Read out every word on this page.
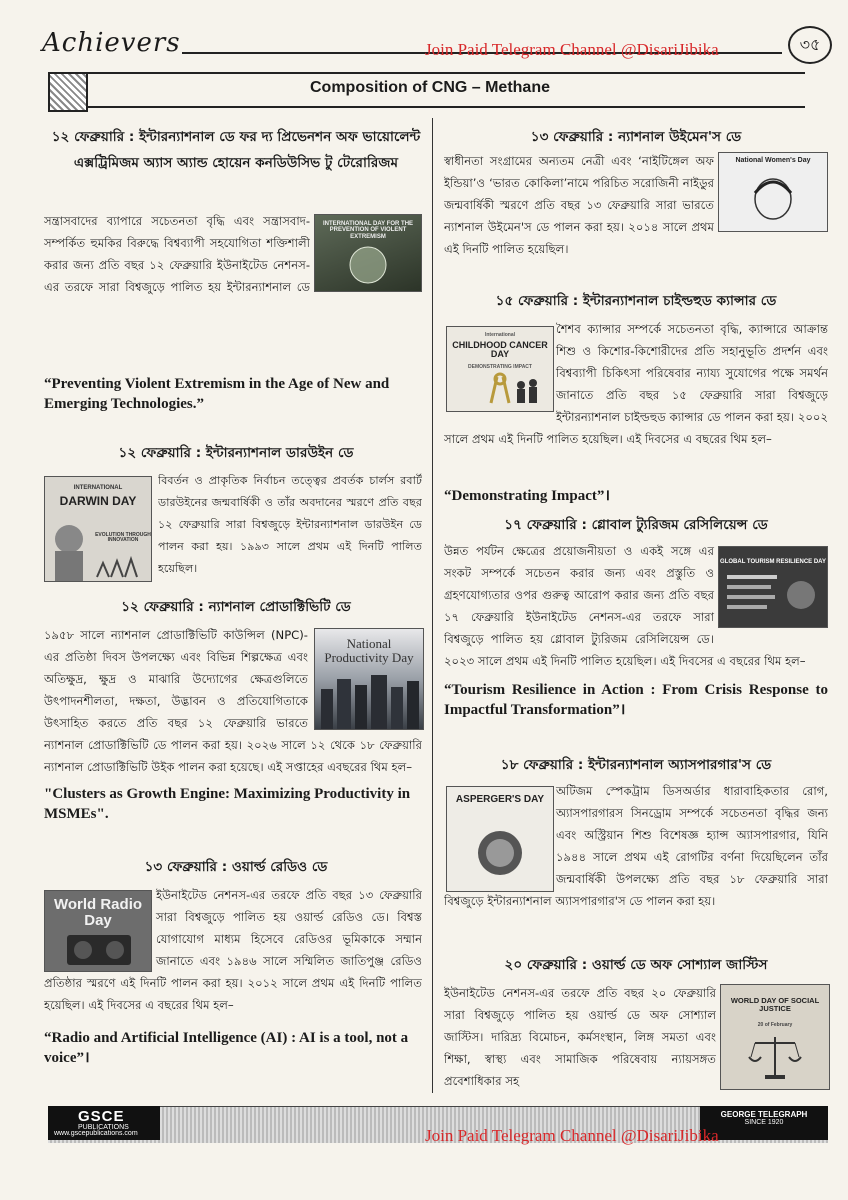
Achievers	Join Paid Telegram Channel @DisariJibika	৩৫
Composition of CNG – Methane
১২ ফেব্রুয়ারি : ইন্টারন্যাশনাল ডে ফর দ্য প্রিভেনশন অফ ভায়োলেন্ট এক্সট্রিমিজম অ্যাস অ্যান্ড হোয়েন কনডিউসিভ টু টেরোরিজম
INTERNATIONAL DAY FOR THE PREVENTION OF VIOLENT EXTREMISM
সন্ত্রাসবাদের ব্যাপারে সচেতনতা বৃদ্ধি এবং সন্ত্রাসবাদ-সম্পর্কিত হুমকির বিরুদ্ধে বিশ্বব্যাপী সহযোগিতা শক্তিশালী করার জন্য প্রতি বছর ১২ ফেব্রুয়ারি ইউনাইটেড নেশনস-এর তরফে সারা বিশ্বজুড়ে পালিত হয় ইন্টারন্যাশনাল ডে
“Preventing Violent Extremism in the Age of New and Emerging Technologies.”
১২ ফেব্রুয়ারি : ইন্টারন্যাশনাল ডারউইন ডে
INTERNATIONAL
DARWIN DAY
EVOLUTION THROUGH INNOVATION
বিবর্তন ও প্রাকৃতিক নির্বাচন তত্ত্বের প্রবর্তক চার্লস রবার্ট ডারউইনের জন্মবার্ষিকী ও তাঁর অবদানের স্মরণে প্রতি বছর ১২ ফেব্রুয়ারি সারা বিশ্বজুড়ে ইন্টারন্যাশনাল ডারউইন ডে পালন করা হয়। ১৯৯৩ সালে প্রথম এই দিনটি পালিত হয়েছিল।
১২ ফেব্রুয়ারি : ন্যাশনাল প্রোডাক্টিভিটি ডে
National Productivity Day
১৯৫৮ সালে ন্যাশনাল প্রোডাক্টিভিটি কাউন্সিল (NPC)-এর প্রতিষ্ঠা দিবস উপলক্ষ্যে এবং বিভিন্ন শিল্পক্ষেত্র এবং অতিক্ষুদ্র, ক্ষুদ্র ও মাঝারি উদ্যোগের ক্ষেত্রগুলিতে উৎপাদনশীলতা, দক্ষতা, উদ্ভাবন ও প্রতিযোগিতাকে উৎসাহিত করতে প্রতি বছর ১২ ফেব্রুয়ারি ভারতে ন্যাশনাল প্রোডাক্টিভিটি ডে পালন করা হয়। ২০২৬ সালে ১২ থেকে ১৮ ফেব্রুয়ারি ন্যাশনাল প্রোডাক্টিভিটি উইক পালন করা হয়েছে। এই সপ্তাহের এবছরের থিম হল–
"Clusters as Growth Engine: Maximizing Productivity in MSMEs".
১৩ ফেব্রুয়ারি : ওয়ার্ল্ড রেডিও ডে
World Radio Day
ইউনাইটেড নেশনস-এর তরফে প্রতি বছর ১৩ ফেব্রুয়ারি সারা বিশ্বজুড়ে পালিত হয় ওয়ার্ল্ড রেডিও ডে। বিশ্বস্ত যোগাযোগ মাধ্যম হিসেবে রেডিওর ভূমিকাকে সম্মান জানাতে এবং ১৯৪৬ সালে সম্মিলিত জাতিপুঞ্জ রেডিও প্রতিষ্ঠার স্মরণে এই দিনটি পালন করা হয়। ২০১২ সালে প্রথম এই দিনটি পালিত হয়েছিল। এই দিবসের এ বছরের থিম হল–
“Radio and Artificial Intelligence (AI) : AI is a tool, not a voice”।
১৩ ফেব্রুয়ারি : ন্যাশনাল উইমেন'স ডে
National Women's Day
স্বাধীনতা সংগ্রামের অন্যতম নেত্রী এবং ‘নাইটিঙ্গেল অফ ইন্ডিয়া’ও ‘ভারত কোকিলা’নামে পরিচিত সরোজিনী নাইডুর জন্মবার্ষিকী স্মরণে প্রতি বছর ১৩ ফেব্রুয়ারি সারা ভারতে ন্যাশনাল উইমেন'স ডে পালন করা হয়। ২০১৪ সালে প্রথম এই দিনটি পালিত হয়েছিল।
১৫ ফেব্রুয়ারি : ইন্টারন্যাশনাল চাইল্ডহুড ক্যান্সার ডে
International
CHILDHOOD CANCER DAY
DEMONSTRATING IMPACT
শৈশব ক্যান্সার সম্পর্কে সচেতনতা বৃদ্ধি, ক্যান্সারে আক্রান্ত শিশু ও কিশোর-কিশোরীদের প্রতি সহানুভূতি প্রদর্শন এবং বিশ্বব্যাপী চিকিৎসা পরিষেবার ন্যায্য সুযোগের পক্ষে সমর্থন জানাতে প্রতি বছর ১৫ ফেব্রুয়ারি সারা বিশ্বজুড়ে ইন্টারন্যাশনাল চাইল্ডহুড ক্যান্সার ডে পালন করা হয়। ২০০২ সালে প্রথম এই দিনটি পালিত হয়েছিল। এই দিবসের এ বছরের থিম হল–
“Demonstrating Impact”।
১৭ ফেব্রুয়ারি : গ্লোবাল ট্যুরিজম রেসিলিয়েন্স ডে
GLOBAL TOURISM RESILIENCE DAY
উন্নত পর্যটন ক্ষেত্রের প্রয়োজনীয়তা ও একই সঙ্গে এর সংকট সম্পর্কে সচেতন করার জন্য এবং প্রস্তুতি ও গ্রহণযোগ্যতার ওপর গুরুত্ব আরোপ করার জন্য প্রতি বছর ১৭ ফেব্রুয়ারি ইউনাইটেড নেশনস-এর তরফে সারা বিশ্বজুড়ে পালিত হয় গ্লোবাল ট্যুরিজম রেসিলিয়েন্স ডে। ২০২৩ সালে প্রথম এই দিনটি পালিত হয়েছিল। এই দিবসের এ বছরের থিম হল–
“Tourism Resilience in Action : From Crisis Response to Impactful Transformation”।
১৮ ফেব্রুয়ারি : ইন্টারন্যাশনাল অ্যাসপারগার'স ডে
ASPERGER'S DAY
অটিজম স্পেকট্রাম ডিসঅর্ডার ধারাবাহিকতার রোগ, অ্যাসপারগারস সিনড্রোম সম্পর্কে সচেতনতা বৃদ্ধির জন্য এবং অস্ট্রিয়ান শিশু বিশেষজ্ঞ হ্যান্স অ্যাসপারগার, যিনি ১৯৪৪ সালে প্রথম এই রোগটির বর্ণনা দিয়েছিলেন তাঁর জন্মবার্ষিকী উপলক্ষ্যে প্রতি বছর ১৮ ফেব্রুয়ারি সারা বিশ্বজুড়ে ইন্টারন্যাশনাল অ্যাসপারগার'স ডে পালন করা হয়।
২০ ফেব্রুয়ারি : ওয়ার্ল্ড ডে অফ সোশ্যাল জাস্টিস
WORLD DAY OF SOCIAL JUSTICE
20 of February
ইউনাইটেড নেশনস-এর তরফে প্রতি বছর ২০ ফেব্রুয়ারি সারা বিশ্বজুড়ে পালিত হয় ওয়ার্ল্ড ডে অফ সোশ্যাল জাস্টিস। দারিদ্র্য বিমোচন, কর্মসংস্থান, লিঙ্গ সমতা এবং শিক্ষা, স্বাস্থ্য এবং সামাজিক পরিষেবায় ন্যায়সঙ্গত প্রবেশাধিকার সহ
GSCE
PUBLICATIONS
www.gscepublications.com
GEORGE TELEGRAPH
SINCE 1920
Join Paid Telegram Channel @DisariJibika
